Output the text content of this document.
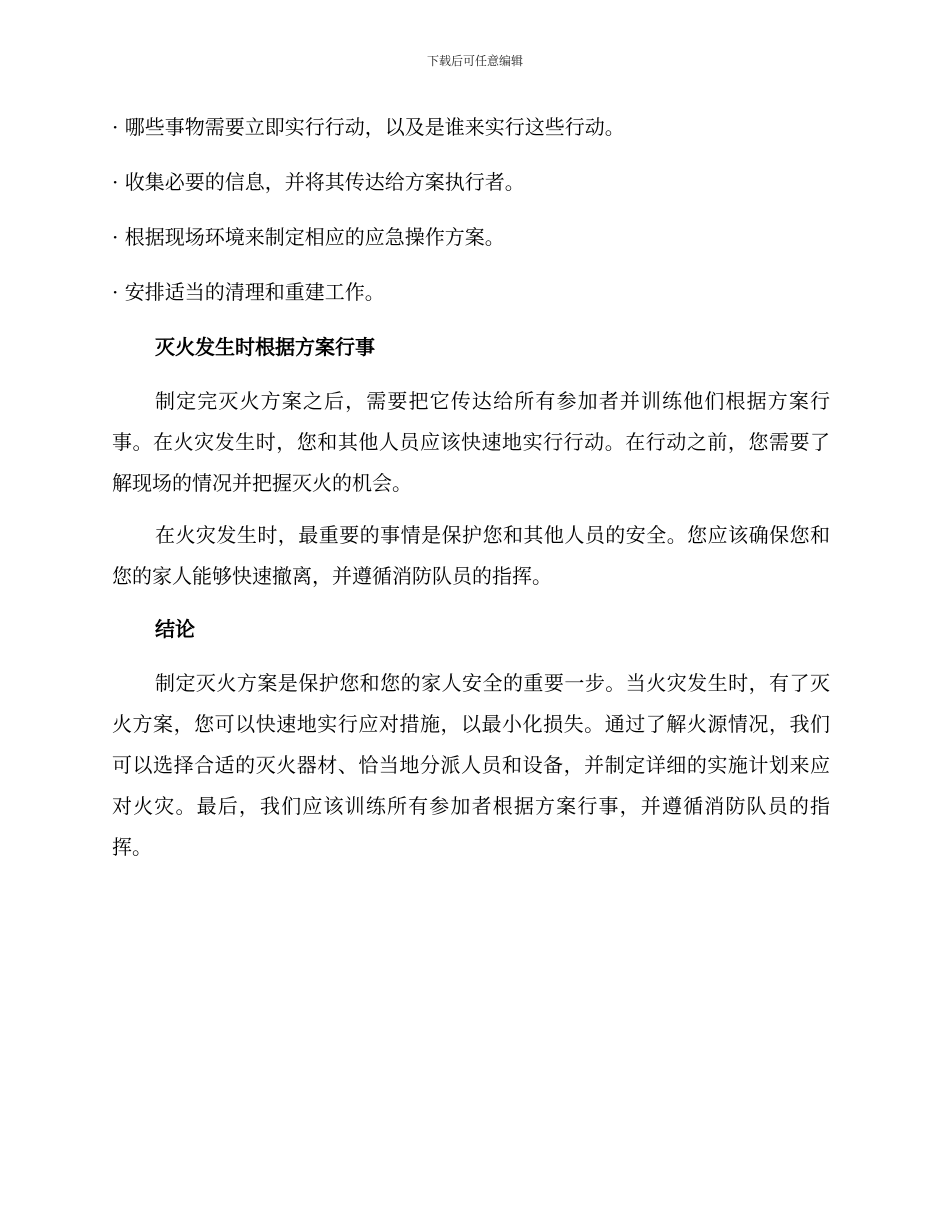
下载后可任意编辑

· 哪些事物需要立即实行行动，以及是谁来实行这些行动。

· 收集必要的信息，并将其传达给方案执行者。

· 根据现场环境来制定相应的应急操作方案。

· 安排适当的清理和重建工作。

灭火发生时根据方案行事

制定完灭火方案之后，需要把它传达给所有参加者并训练他们根据方案行事。在火灾发生时，您和其他人员应该快速地实行行动。在行动之前，您需要了解现场的情况并把握灭火的机会。

在火灾发生时，最重要的事情是保护您和其他人员的安全。您应该确保您和您的家人能够快速撤离，并遵循消防队员的指挥。

结论

制定灭火方案是保护您和您的家人安全的重要一步。当火灾发生时，有了灭火方案，您可以快速地实行应对措施，以最小化损失。通过了解火源情况，我们可以选择合适的灭火器材、恰当地分派人员和设备，并制定详细的实施计划来应对火灾。最后，我们应该训练所有参加者根据方案行事，并遵循消防队员的指挥。
